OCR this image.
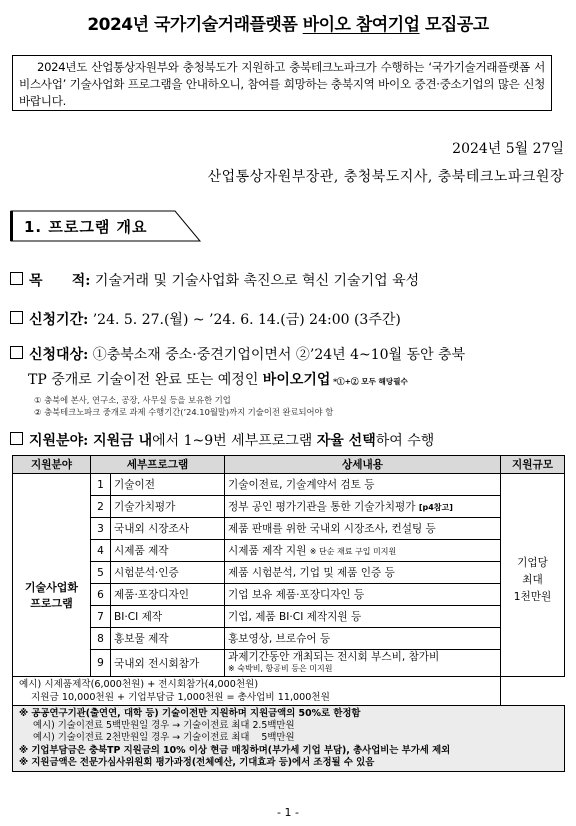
2024년 국가기술거래플랫폼 바이오 참여기업 모집공고
2024년도 산업통상자원부와 충청북도가 지원하고 충북테크노파크가 수행하는 ‘국가기술거래플랫폼 서비스사업’ 기술사업화 프로그램을 안내하오니, 참여를 희망하는 충북지역 바이오 중견·중소기업의 많은 신청 바랍니다.
2024년 5월 27일
산업통상자원부장관, 충청북도지사, 충북테크노파크원장
1. 프로그램 개요
목      적: 기술거래 및 기술사업화 촉진으로 혁신 기술기업 육성
신청기간: ’24. 5. 27.(월) ~ ’24. 6. 14.(금) 24:00 (3주간)
신청대상: ①충북소재 중소·중견기업이면서 ②’24년 4~10월 동안 충북
TP 중개로 기술이전 완료 또는 예정인 바이오기업 *①+② 모두 해당필수
① 충북에 본사, 연구소, 공장, 사무실 등을 보유한 기업
② 충북테크노파크 중개로 과제 수행기간(’24.10월말)까지 기술이전 완료되어야 함
지원분야: 지원금 내에서 1~9번 세부프로그램 자율 선택하여 수행
지원분야	세부프로그램		상세내용	지원규모
기술사업화
프로그램	1	기술이전	기술이전료, 기술계약서 검토 등	기업당
최대
1천만원
	2	기술가치평가	정부 공인 평가기관을 통한 기술가치평가 [p4참고]	
	3	국내외 시장조사	제품 판매를 위한 국내외 시장조사, 컨설팅 등	
	4	시제품 제작	시제품 제작 지원 ※ 단순 재료 구입 미지원	
	5	시험분석·인증	제품 시험분석, 기업 및 제품 인증 등	
	6	제품·포장디자인	기업 보유 제품·포장디자인 등	
	7	BI·CI 제작	기업, 제품 BI·CI 제작지원 등	
	8	홍보물 제작	홍보영상, 브로슈어 등	
	9	국내외 전시회참가	과제기간동안 개최되는 전시회 부스비, 참가비
※ 숙박비, 항공비 등은 미지원	

예시) 시제품제작(6,000천원) + 전시회참가(4,000천원)
지원금 10,000천원 + 기업부담금 1,000천원 = 총사업비 11,000천원				

※ 공공연구기관(출연연, 대학 등) 기술이전만 지원하며 지원금액의 50%로 한정함
예시) 기술이전료 5백만원일 경우 → 기술이전료 최대 2.5백만원
예시) 기술이전료 2천만원일 경우 → 기술이전료 최대    5백만원
※ 기업부담금은 충북TP 지원금의 10% 이상 현금 매칭하며(부가세 기업 부담), 총사업비는 부가세 제외
※ 지원금액은 전문가심사위원회 평가과정(전체예산, 기대효과 등)에서 조정될 수 있음				
- 1 -
